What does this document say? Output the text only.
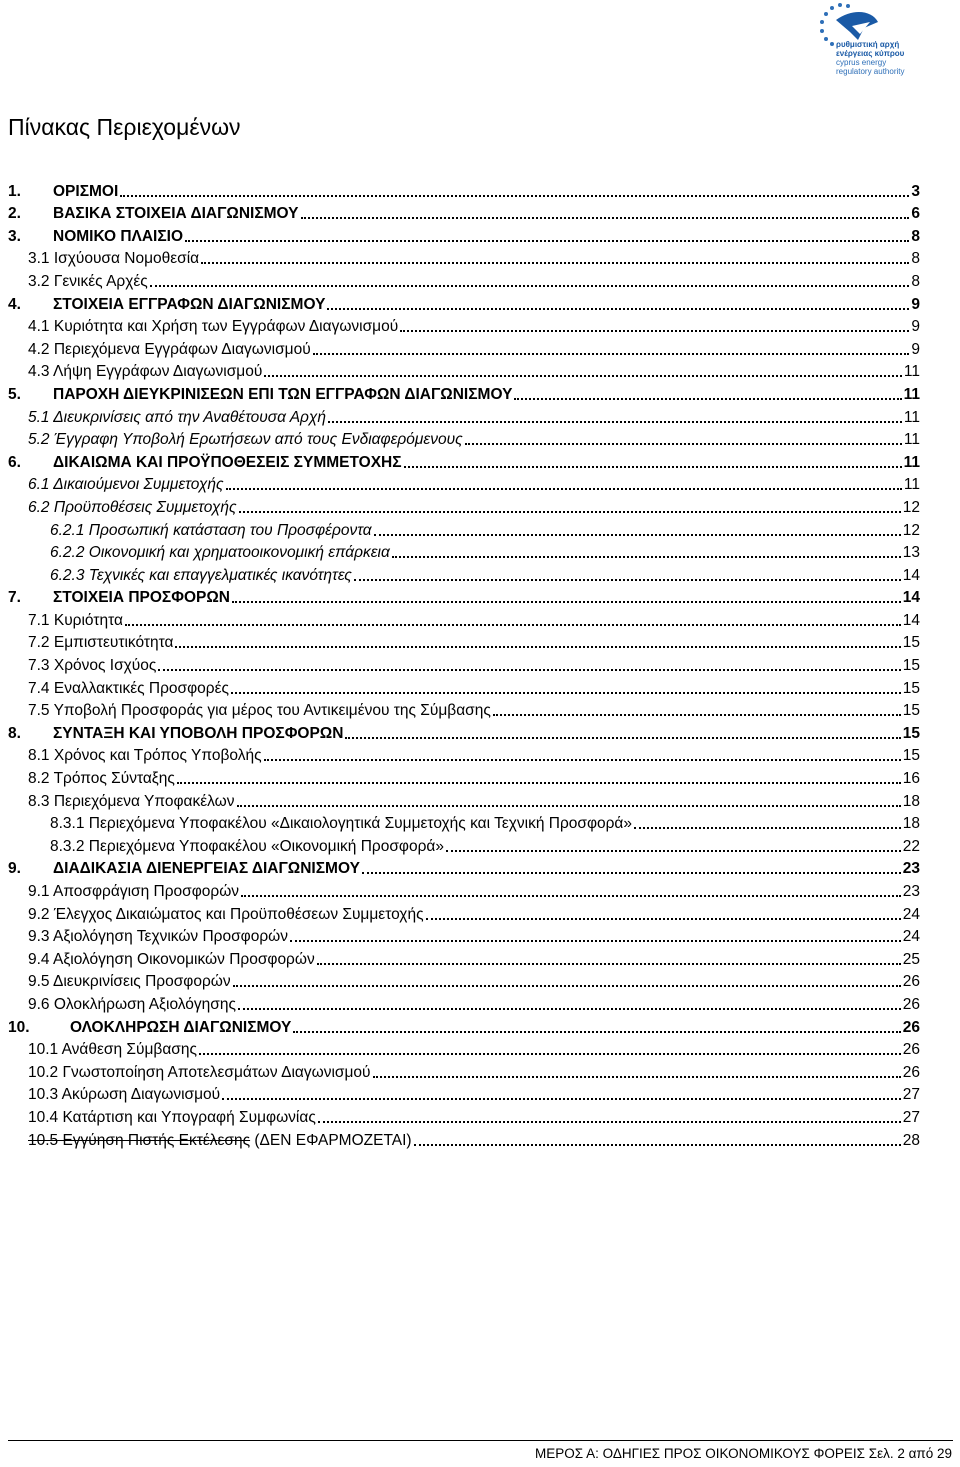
ρυθμιστική αρχή
ενέργειας κύπρου
cyprus energy
regulatory authority
Πίνακας Περιεχομένων
1.	ΟΡΙΣΜΟΙ	3
2.	ΒΑΣΙΚΑ ΣΤΟΙΧΕΙΑ ΔΙΑΓΩΝΙΣΜΟΥ	6
3.	ΝΟΜΙΚΟ ΠΛΑΙΣΙΟ	8
3.1 Ισχύουσα Νομοθεσία	8
3.2 Γενικές Αρχές	8
4.	ΣΤΟΙΧΕΙΑ ΕΓΓΡΑΦΩΝ ΔΙΑΓΩΝΙΣΜΟΥ	9
4.1 Κυριότητα και Χρήση των Εγγράφων Διαγωνισμού	9
4.2 Περιεχόμενα Εγγράφων Διαγωνισμού	9
4.3 Λήψη Εγγράφων Διαγωνισμού	11
5.	ΠΑΡΟΧΗ ΔΙΕΥΚΡΙΝΙΣΕΩΝ ΕΠΙ ΤΩΝ ΕΓΓΡΑΦΩΝ ΔΙΑΓΩΝΙΣΜΟΥ	11
5.1 Διευκρινίσεις από την Αναθέτουσα Αρχή	11
5.2 Έγγραφη Υποβολή Ερωτήσεων από τους Ενδιαφερόμενους	11
6.	ΔΙΚΑΙΩΜΑ ΚΑΙ ΠΡΟΫΠΟΘΕΣΕΙΣ ΣΥΜΜΕΤΟΧΗΣ	11
6.1 Δικαιούμενοι Συμμετοχής	11
6.2 Προϋποθέσεις Συμμετοχής	12
6.2.1 Προσωπική κατάσταση του Προσφέροντα	12
6.2.2 Οικονομική και χρηματοοικονομική επάρκεια	13
6.2.3 Τεχνικές και επαγγελματικές ικανότητες	14
7.	ΣΤΟΙΧΕΙΑ ΠΡΟΣΦΟΡΩΝ	14
7.1 Κυριότητα	14
7.2 Εμπιστευτικότητα	15
7.3 Χρόνος Ισχύος	15
7.4 Εναλλακτικές Προσφορές	15
7.5 Υποβολή Προσφοράς για μέρος του Αντικειμένου της Σύμβασης	15
8.	ΣΥΝΤΑΞΗ ΚΑΙ ΥΠΟΒΟΛΗ ΠΡΟΣΦΟΡΩΝ	15
8.1 Χρόνος και Τρόπος Υποβολής	15
8.2 Τρόπος Σύνταξης	16
8.3 Περιεχόμενα Υποφακέλων	18
8.3.1 Περιεχόμενα Υποφακέλου «Δικαιολογητικά Συμμετοχής και Τεχνική Προσφορά»	18
8.3.2 Περιεχόμενα Υποφακέλου «Οικονομική Προσφορά»	22
9.	ΔΙΑΔΙΚΑΣΙΑ ΔΙΕΝΕΡΓΕΙΑΣ ΔΙΑΓΩΝΙΣΜΟΥ	23
9.1 Αποσφράγιση Προσφορών	23
9.2 Έλεγχος Δικαιώματος και Προϋποθέσεων Συμμετοχής	24
9.3 Αξιολόγηση Τεχνικών Προσφορών	24
9.4 Αξιολόγηση Οικονομικών Προσφορών	25
9.5 Διευκρινίσεις Προσφορών	26
9.6 Ολοκλήρωση Αξιολόγησης	26
10.	ΟΛΟΚΛΗΡΩΣΗ ΔΙΑΓΩΝΙΣΜΟΥ	26
10.1 Ανάθεση Σύμβασης	26
10.2 Γνωστοποίηση Αποτελεσμάτων Διαγωνισμού	26
10.3 Ακύρωση Διαγωνισμού	27
10.4 Κατάρτιση και Υπογραφή Συμφωνίας	27
10.5 Εγγύηση Πιστής Εκτέλεσης (ΔΕΝ ΕΦΑΡΜΟΖΕΤΑΙ)	28
ΜΕΡΟΣ Α: ΟΔΗΓΙΕΣ ΠΡΟΣ ΟΙΚΟΝΟΜΙΚΟΥΣ ΦΟΡΕΙΣ Σελ. 2 από 29
